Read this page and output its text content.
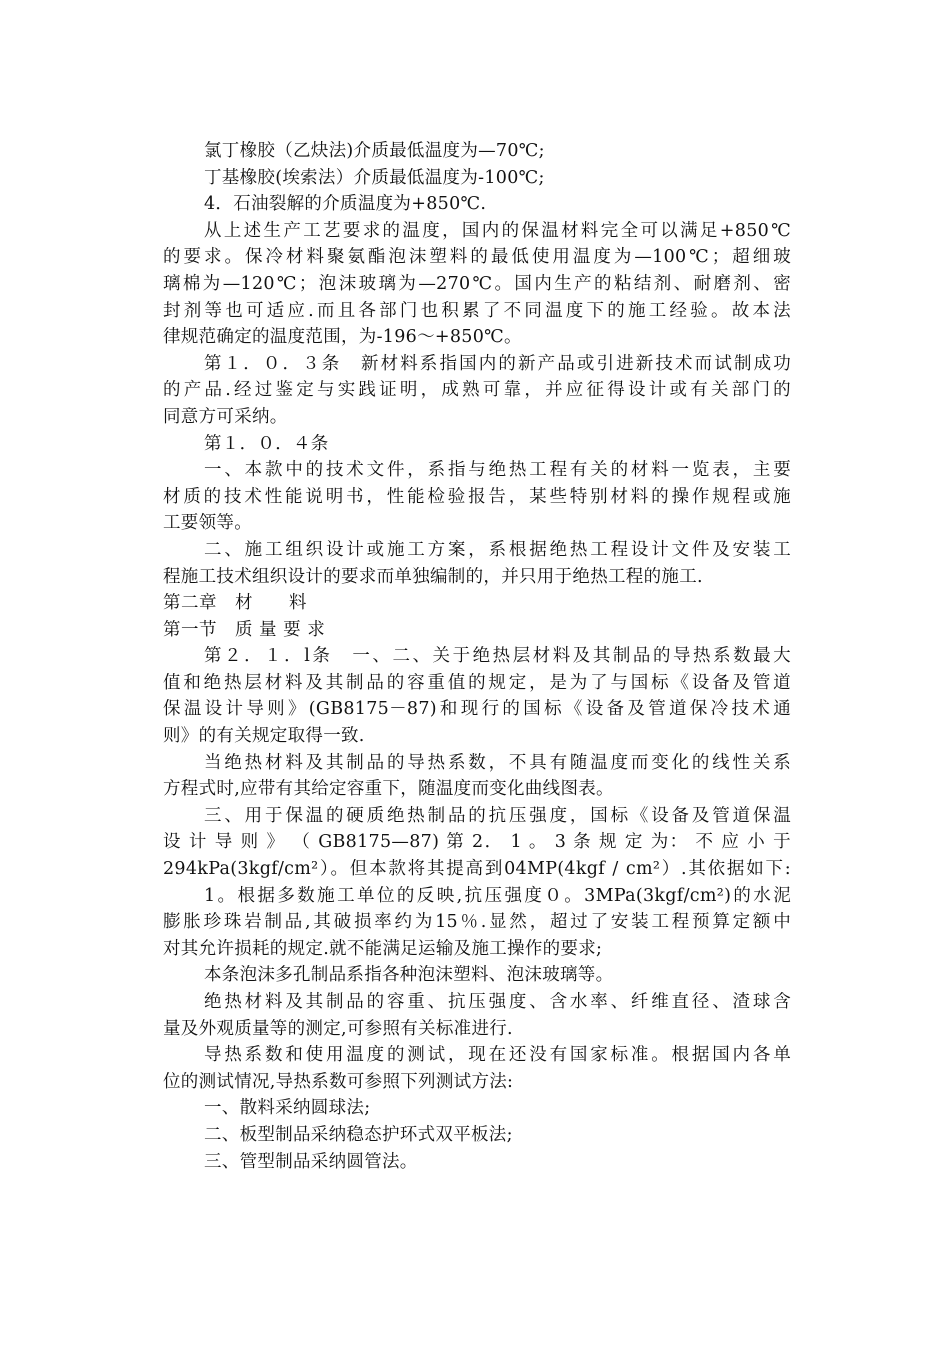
氯丁橡胶（乙炔法)介质最低温度为—70℃;
丁基橡胶(埃索法）介质最低温度为-100℃;
4．石油裂解的介质温度为+850℃.
从上述生产工艺要求的温度，国内的保温材料完全可以满足+850℃
的要求。保冷材料聚氨酯泡沫塑料的最低使用温度为—100℃；超细玻
璃棉为—120℃；泡沫玻璃为—270℃。国内生产的粘结剂、耐磨剂、密
封剂等也可适应.而且各部门也积累了不同温度下的施工经验。故本法
律规范确定的温度范围，为-196～+850℃。
第１．０．３条　新材料系指国内的新产品或引进新技术而试制成功
的产品.经过鉴定与实践证明，成熟可靠，并应征得设计或有关部门的
同意方可采纳。
第１．０．４条
一、本款中的技术文件，系指与绝热工程有关的材料一览表，主要
材质的技术性能说明书，性能检验报告，某些特别材料的操作规程或施
工要领等。
二、施工组织设计或施工方案，系根据绝热工程设计文件及安装工
程施工技术组织设计的要求而单独编制的，并只用于绝热工程的施工.
第二章　材　　料
第一节　质 量 要 求
第２．１．l条　一、二、关于绝热层材料及其制品的导热系数最大
值和绝热层材料及其制品的容重值的规定，是为了与国标《设备及管道
保温设计导则》(GB8175－87)和现行的国标《设备及管道保冷技术通
则》的有关规定取得一致.
当绝热材料及其制品的导热系数，不具有随温度而变化的线性关系
方程式时,应带有其给定容重下，随温度而变化曲线图表。
三、用于保温的硬质绝热制品的抗压强度，国标《设备及管道保温
设 计 导 则 》 （ GB8175—87) 第 2． 1 。 3 条 规 定 为： 不 应 小 于
294kPa(3kgf/cm²）。但本款将其提高到04MP(4kgf / cm²）.其依据如下:
1。根据多数施工单位的反映,抗压强度０。3MPa(3kgf/cm²)的水泥
膨胀珍珠岩制品,其破损率约为15％.显然，超过了安装工程预算定额中
对其允许损耗的规定.就不能满足运输及施工操作的要求;
本条泡沫多孔制品系指各种泡沫塑料、泡沫玻璃等。
绝热材料及其制品的容重、抗压强度、含水率、纤维直径、渣球含
量及外观质量等的测定,可参照有关标准进行.
导热系数和使用温度的测试，现在还没有国家标准。根据国内各单
位的测试情况,导热系数可参照下列测试方法:
一、散料采纳圆球法;
二、板型制品采纳稳态护环式双平板法;
三、管型制品采纳圆管法。
